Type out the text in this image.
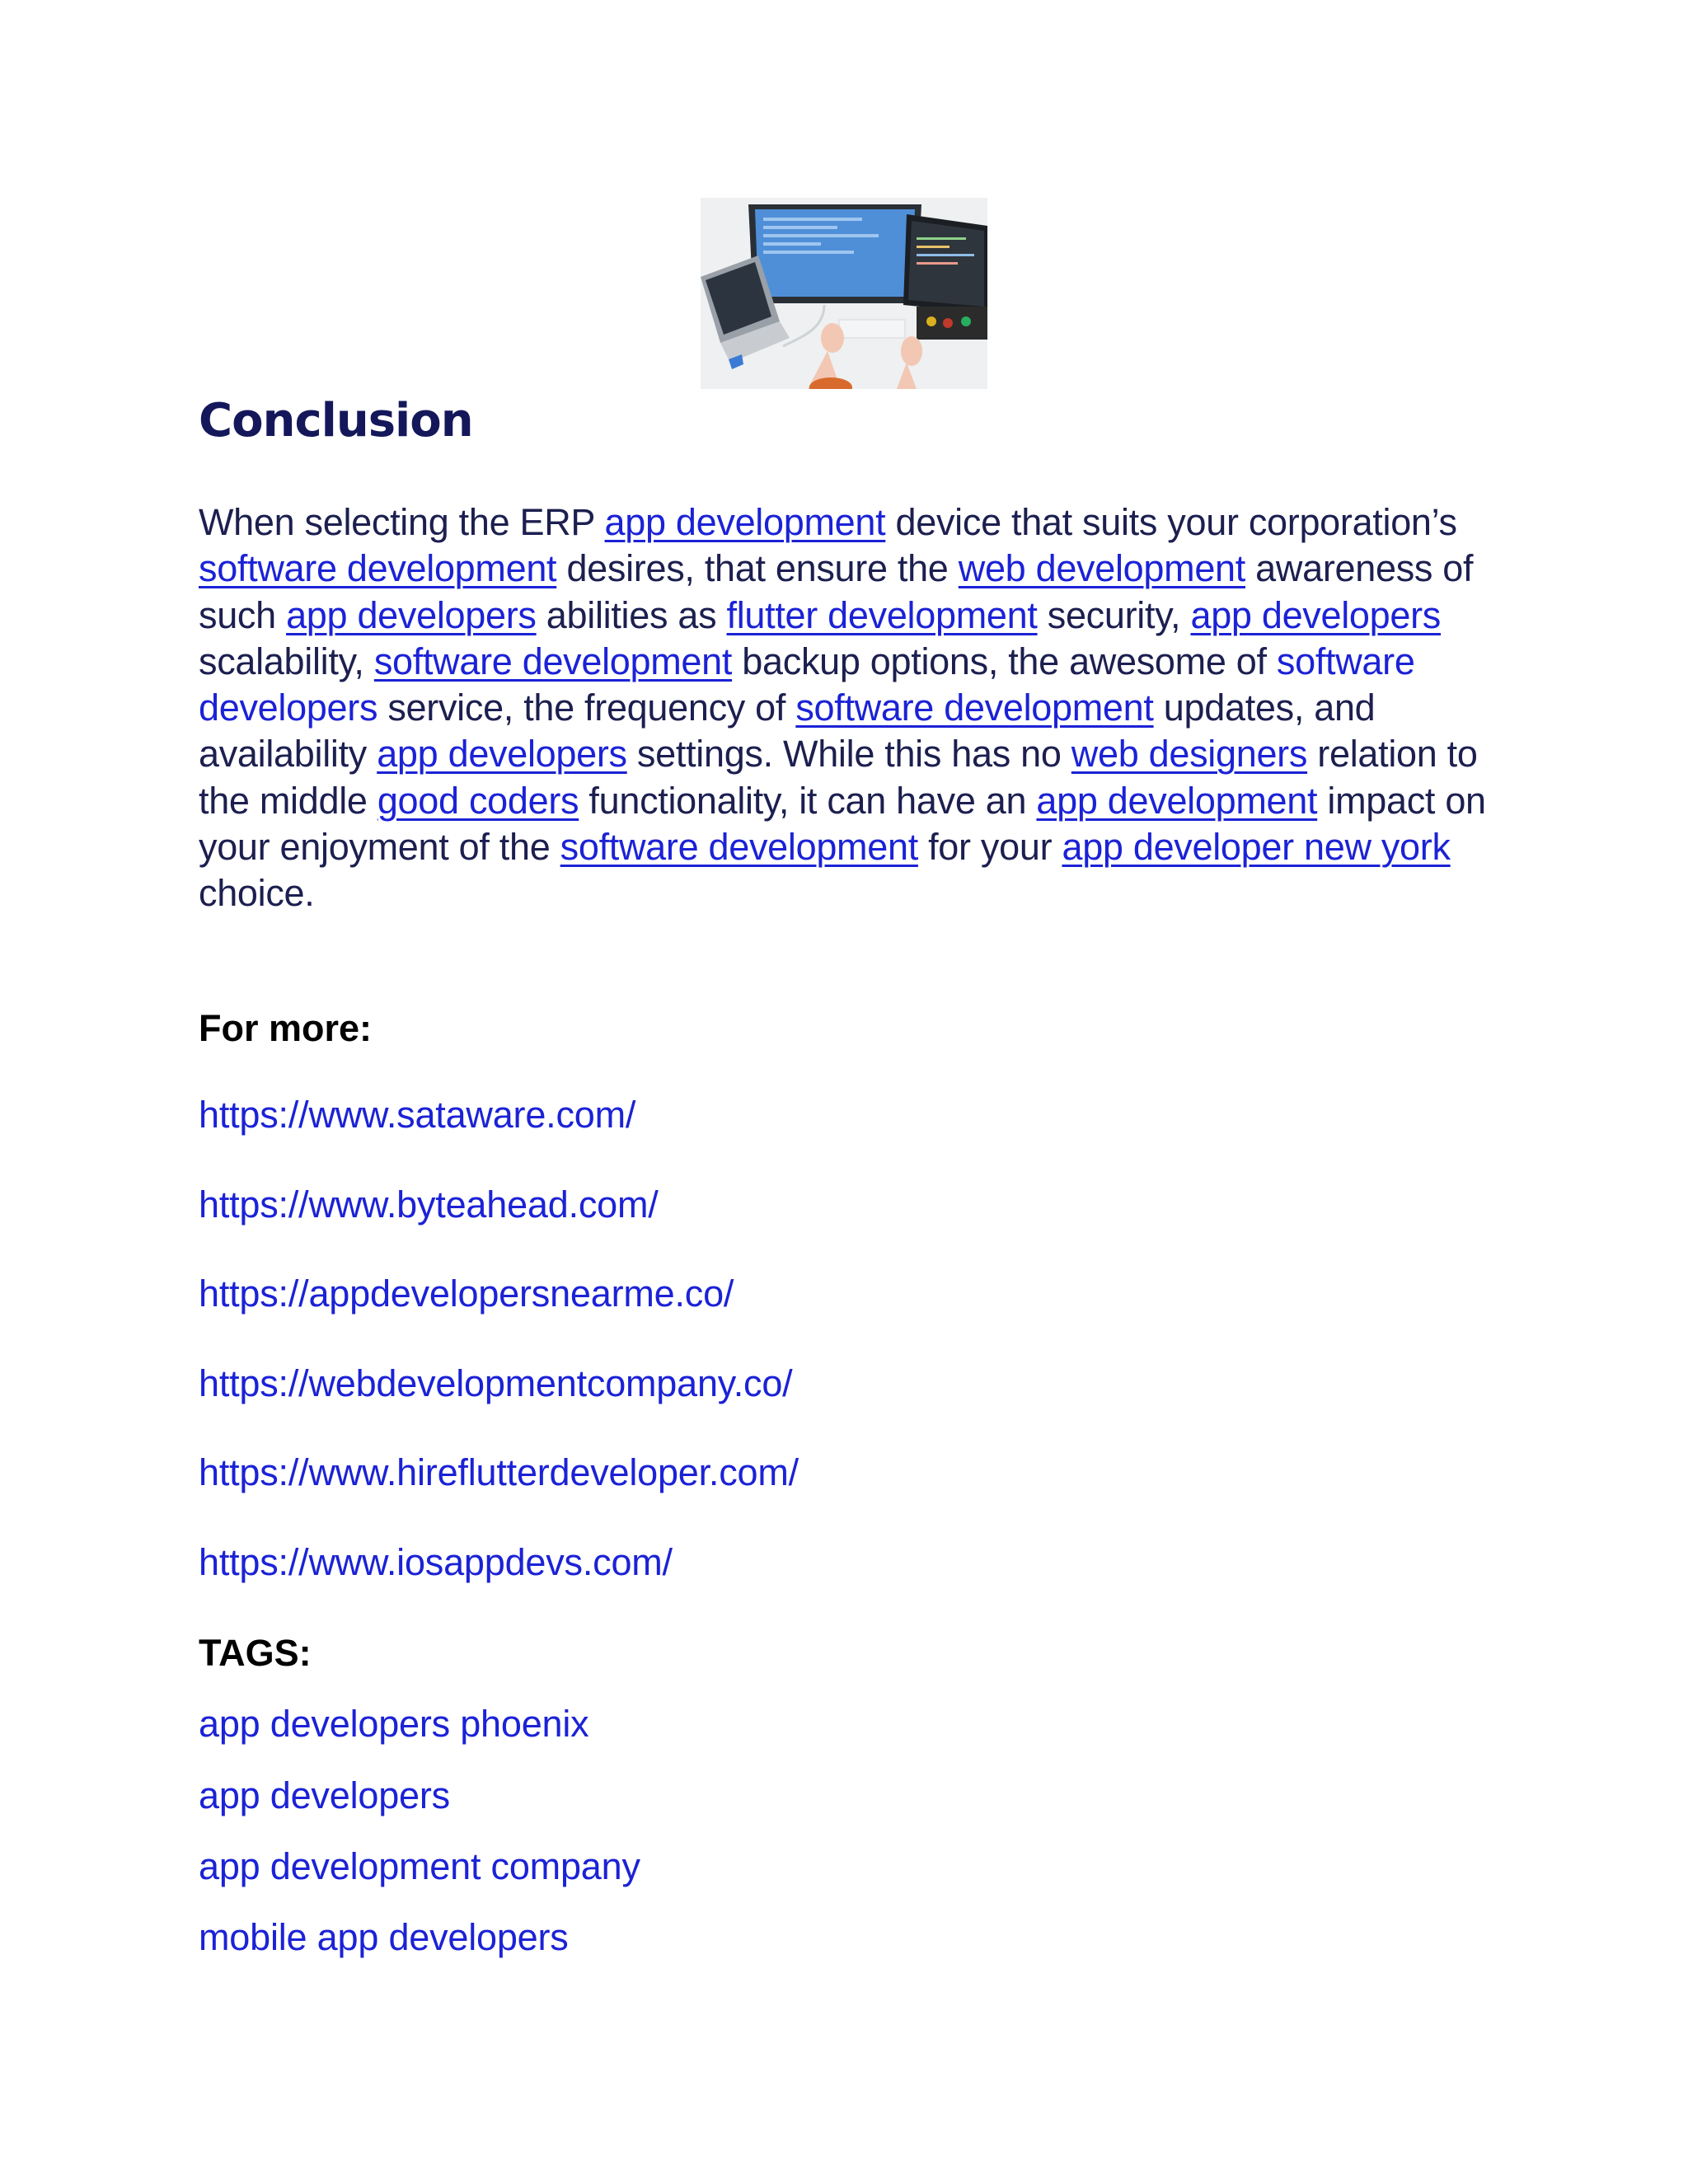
Conclusion

When selecting the ERP app development device that suits your corporation’s software development desires, that ensure the web development awareness of such app developers abilities as flutter development security, app developers scalability, software development backup options, the awesome of software developers service, the frequency of software development updates, and availability app developers settings. While this has no web designers relation to the middle good coders functionality, it can have an app development impact on your enjoyment of the software development for your app developer new york choice.

For more:
https://www.sataware.com/
https://www.byteahead.com/
https://appdevelopersnearme.co/
https://webdevelopmentcompany.co/
https://www.hireflutterdeveloper.com/
https://www.iosappdevs.com/
TAGS:
app developers phoenix
app developers
app development company
mobile app developers
